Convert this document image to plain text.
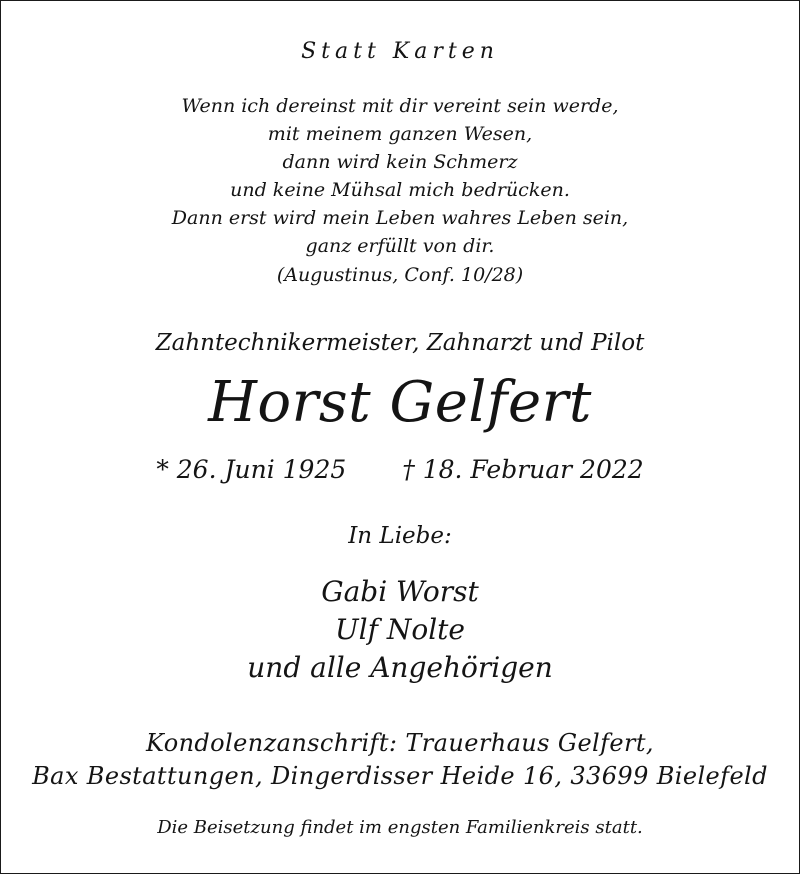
Statt Karten
Wenn ich dereinst mit dir vereint sein werde,
mit meinem ganzen Wesen,
dann wird kein Schmerz
und keine Mühsal mich bedrücken.
Dann erst wird mein Leben wahres Leben sein,
ganz erfüllt von dir.
(Augustinus, Conf. 10/28)
Zahntechnikermeister, Zahnarzt und Pilot
Horst Gelfert
* 26. Juni 1925 † 18. Februar 2022
In Liebe:
Gabi Worst
Ulf Nolte
und alle Angehörigen
Kondolenzanschrift: Trauerhaus Gelfert,
Bax Bestattungen, Dingerdisser Heide 16, 33699 Bielefeld
Die Beisetzung findet im engsten Familienkreis statt.
